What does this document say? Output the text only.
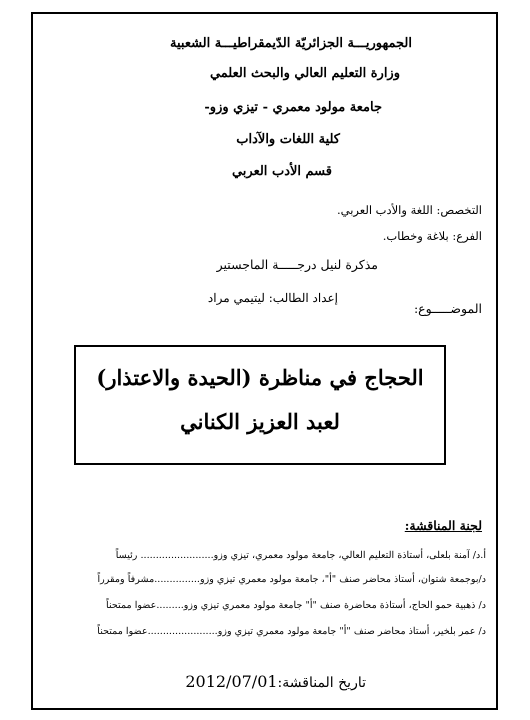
الجمهوريـــة الجزائريّة الدّيمقراطيـــة الشعبية
وزارة التعليم العالي والبحث العلمي
جامعة مولود معمري - تيزي وزو-
كلية اللغات والآداب
قسم الأدب العربي
التخصص: اللغة والأدب العربي.
الفرع: بلاغة وخطاب.
مذكرة لنيل درجـــــة الماجستير
الموضـــــوع:
إعداد الطالب: ليتيمي مراد
الحجاج في مناظرة (الحيدة والاعتذار)
لعبد العزيز الكناني
لجنة المناقشة:
أ.د/ آمنة بلعلى، أستاذة التعليم العالي، جامعة مولود معمري، تيزي وزو........................ رئيساً
د/بوجمعة شتوان، أستاذ محاضر صنف "أ"، جامعة مولود معمري تيزي وزو...............مشرفاً ومقرراً
د/ ذهبية حمو الحاج، أستاذة محاضرة صنف "أ" جامعة مولود معمري تيزي وزو.........عضوا ممتحناً
د/ عمر بلخير، أستاذ محاضر صنف "أ" جامعة مولود معمري تيزي وزو.......................عضوا ممتحناً
تاريخ المناقشة:2012/07/01
